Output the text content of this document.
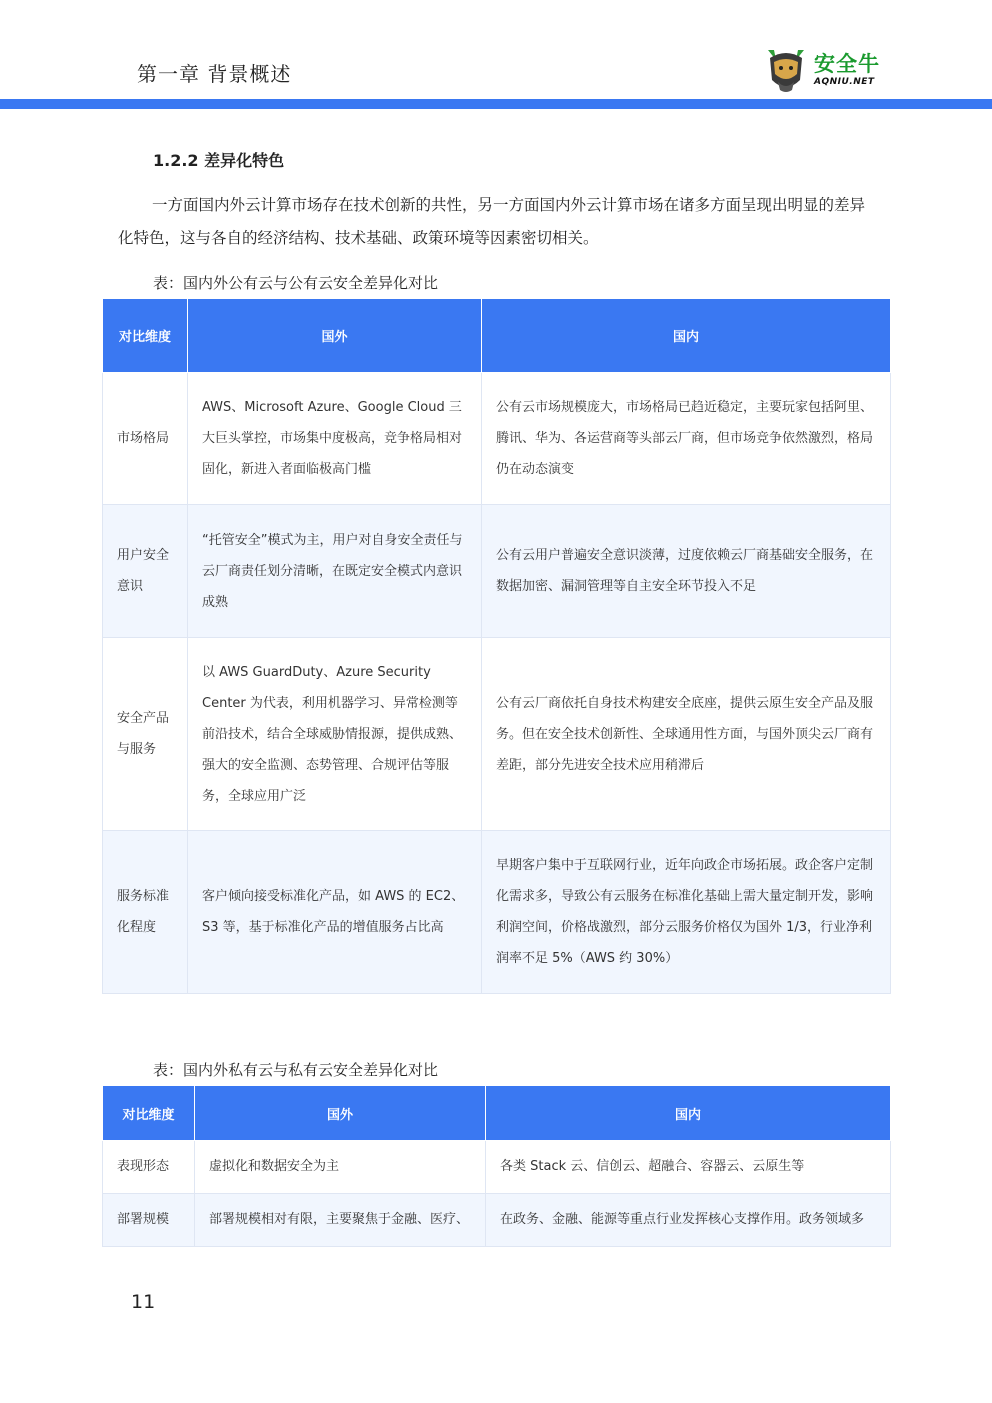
第一章 背景概述	安全牛
AQNIU.NET
1.2.2 差异化特色
一方面国内外云计算市场存在技术创新的共性，另一方面国内外云计算市场在诸多方面呈现出明显的差异化特色，这与各自的经济结构、技术基础、政策环境等因素密切相关。
表：国内外公有云与公有云安全差异化对比
对比维度	国外	国内
市场格局	AWS、Microsoft Azure、Google Cloud 三大巨头掌控，市场集中度极高，竞争格局相对固化，新进入者面临极高门槛	公有云市场规模庞大，市场格局已趋近稳定，主要玩家包括阿里、腾讯、华为、各运营商等头部云厂商，但市场竞争依然激烈，格局仍在动态演变
用户安全意识	“托管安全”模式为主，用户对自身安全责任与云厂商责任划分清晰，在既定安全模式内意识成熟	公有云用户普遍安全意识淡薄，过度依赖云厂商基础安全服务，在数据加密、漏洞管理等自主安全环节投入不足
安全产品与服务	以 AWS GuardDuty、Azure Security Center 为代表，利用机器学习、异常检测等前沿技术，结合全球威胁情报源，提供成熟、强大的安全监测、态势管理、合规评估等服务，全球应用广泛	公有云厂商依托自身技术构建安全底座，提供云原生安全产品及服务。但在安全技术创新性、全球通用性方面，与国外顶尖云厂商有差距，部分先进安全技术应用稍滞后
服务标准化程度	客户倾向接受标准化产品，如 AWS 的 EC2、S3 等，基于标准化产品的增值服务占比高	早期客户集中于互联网行业，近年向政企市场拓展。政企客户定制化需求多，导致公有云服务在标准化基础上需大量定制开发，影响利润空间，价格战激烈，部分云服务价格仅为国外 1/3，行业净利润率不足 5%（AWS 约 30%）
表：国内外私有云与私有云安全差异化对比
对比维度	国外	国内
表现形态	虚拟化和数据安全为主	各类 Stack 云、信创云、超融合、容器云、云原生等
部署规模	部署规模相对有限，主要聚焦于金融、医疗、	在政务、金融、能源等重点行业发挥核心支撑作用。政务领域多
11
